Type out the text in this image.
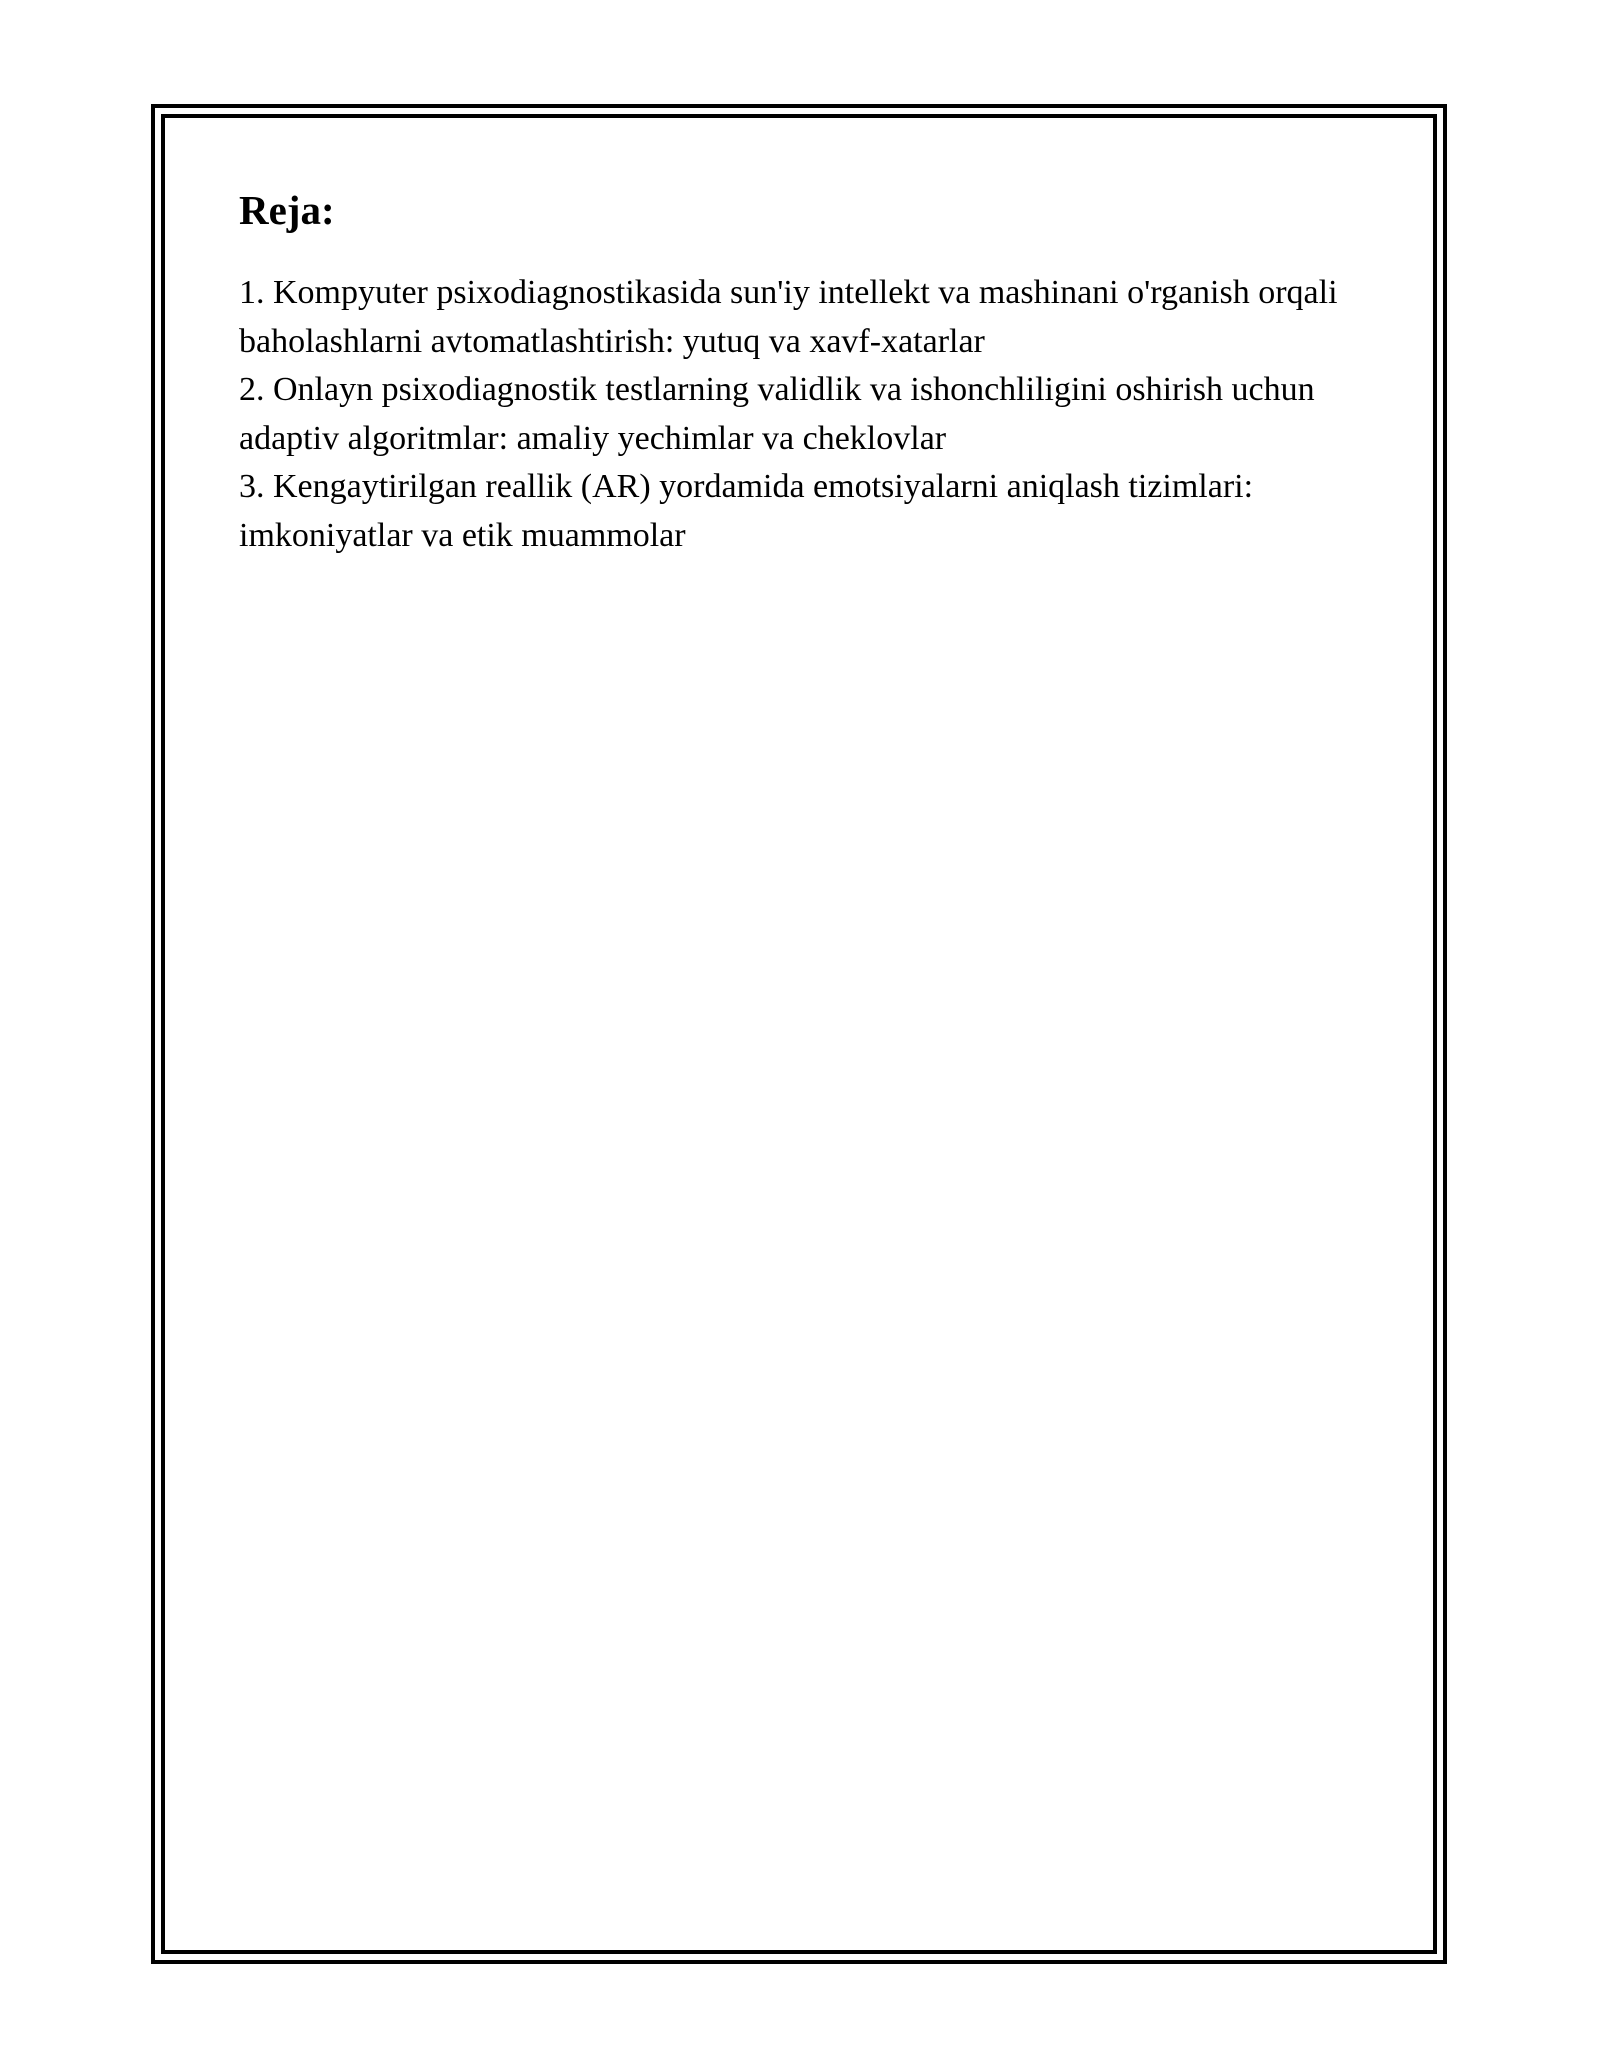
Reja:
1. Kompyuter psixodiagnostikasida sun'iy intellekt va mashinani o'rganish orqali baholashlarni avtomatlashtirish: yutuq va xavf-xatarlar
2. Onlayn psixodiagnostik testlarning validlik va ishonchliligini oshirish uchun adaptiv algoritmlar: amaliy yechimlar va cheklovlar
3. Kengaytirilgan reallik (AR) yordamida emotsiyalarni aniqlash tizimlari: imkoniyatlar va etik muammolar
